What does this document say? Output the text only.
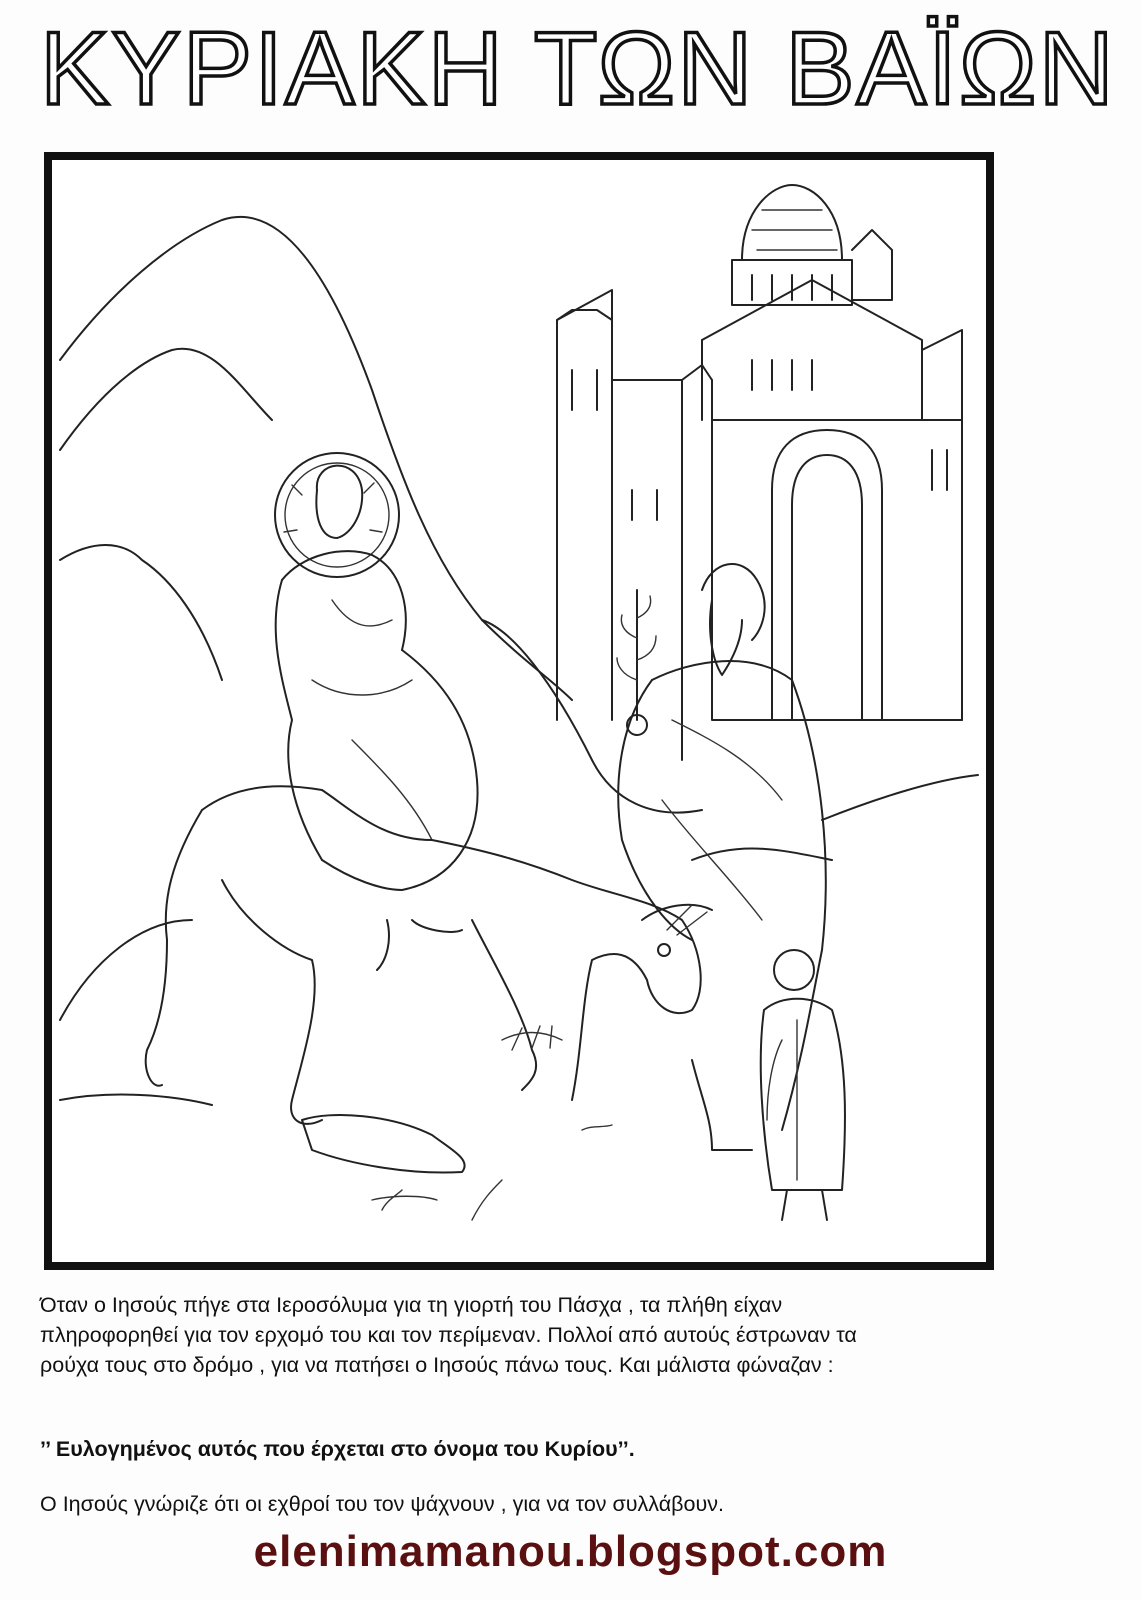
ΚΥΡΙΑΚΗ ΤΩΝ ΒΑΪΩΝ

Όταν ο Ιησούς πήγε στα Ιεροσόλυμα για τη γιορτή του Πάσχα , τα πλήθη είχαν

πληροφορηθεί για τον ερχομό του και τον περίμεναν. Πολλοί από αυτούς έστρωναν τα

ρούχα τους στο δρόμο , για να πατήσει ο Ιησούς πάνω τους. Και μάλιστα φώναζαν :

’’ Ευλογημένος αυτός που έρχεται στο όνομα του Κυρίου’’.
Ο Ιησούς γνώριζε ότι οι εχθροί του τον ψάχνουν , για να τον συλλάβουν.
elenimamanou.blogspot.com
